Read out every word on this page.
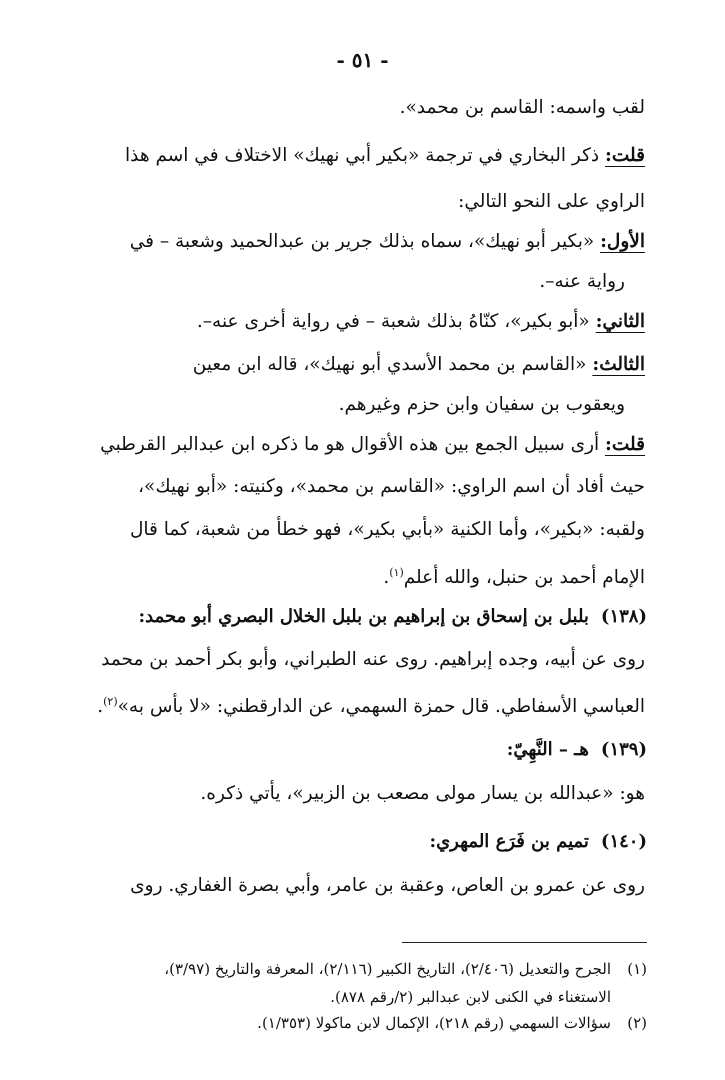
- ٥١ -
لقب واسمه: القاسم بن محمد».
قلت: ذكر البخاري في ترجمة «بكير أبي نهيك» الاختلاف في اسم هذا
الراوي على النحو التالي:
الأول: «بكير أبو نهيك»، سماه بذلك جرير بن عبدالحميد وشعبة – في
رواية عنه–.
الثاني: «أبو بكير»، كنّاهُ بذلك شعبة – في رواية أخرى عنه–.
الثالث: «القاسم بن محمد الأسدي أبو نهيك»، قاله ابن معين
ويعقوب بن سفيان وابن حزم وغيرهم.
قلت: أرى سبيل الجمع بين هذه الأقوال هو ما ذكره ابن عبدالبر القرطبي
حيث أفاد أن اسم الراوي: «القاسم بن محمد»، وكنيته: «أبو نهيك»،
ولقبه: «بكير»، وأما الكنية «بأبي بكير»، فهو خطأ من شعبة، كما قال
الإمام أحمد بن حنبل، والله أعلم$^{(١)}$.
(١٣٨)بلبل بن إسحاق بن إبراهيم بن بلبل الخلال البصري أبو محمد:
روى عن أبيه، وجده إبراهيم. روى عنه الطبراني، وأبو بكر أحمد بن محمد
العباسي الأسفاطي. قال حمزة السهمي، عن الدارقطني: «لا بأس به»$^{(٢)}$.
(١٣٩)هـ – النَّهِيّ:
هو: «عبدالله بن يسار مولى مصعب بن الزبير»، يأتي ذكره.
(١٤٠)تميم بن فَرَع المهري:
روى عن عمرو بن العاص، وعقبة بن عامر، وأبي بصرة الغفاري. روى
(١)الجرح والتعديل (٢/٤٠٦)، التاريخ الكبير (٢/١١٦)، المعرفة والتاريخ (٣/٩٧)،
الاستغناء في الكنى لابن عبدالبر (٢/رقم ٨٧٨).
(٢)سؤالات السهمي (رقم ٢١٨)، الإكمال لابن ماكولا (١/٣٥٣).
